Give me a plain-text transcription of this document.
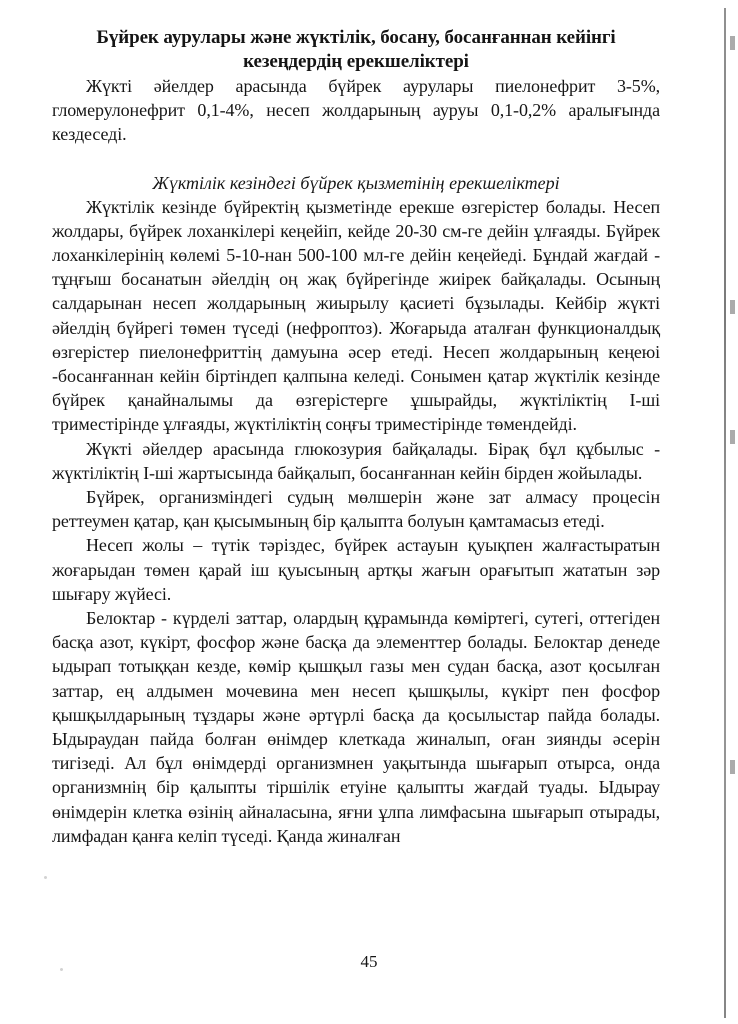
Бүйрек аурулары және жүктілік, босану, босанғаннан кейінгі
кезеңдердің ерекшеліктері

Жүкті әйелдер арасында бүйрек аурулары пиелонефрит 3-5%, гломерулонефрит 0,1-4%, несеп жолдарының ауруы 0,1-0,2% аралығында кездеседі.

Жүктілік кезіндегі бүйрек қызметінің ерекшеліктері

Жүктілік кезінде бүйректің қызметінде ерекше өзгерістер болады. Несеп жолдары, бүйрек лоханкілері кеңейіп, кейде 20-30 см-ге дейін ұлғаяды. Бүйрек лоханкілерінің көлемі 5-10-нан 500-100 мл-ге дейін кеңейеді. Бұндай жағдай - тұңғыш босанатын әйелдің оң жақ бүйрегінде жиірек байқалады. Осының салдарынан несеп жолдарының жиырылу қасиеті бұзылады. Кейбір жүкті әйелдің бүйрегі төмен түседі (нефроптоз). Жоғарыда аталған функционалдық өзгерістер пиелонефриттің дамуына әсер етеді. Несеп жолдарының кеңеюі -босанғаннан кейін біртіндеп қалпына келеді. Сонымен қатар жүктілік кезінде бүйрек қанайналымы да өзгерістерге ұшырайды, жүктіліктің І-ші триместірінде ұлғаяды, жүктіліктің соңғы триместірінде төмендейді.

Жүкті әйелдер арасында глюкозурия байқалады. Бірақ бұл құбылыс - жүктіліктің І-ші жартысында байқалып, босанғаннан кейін бірден жойылады.

Бүйрек, организміндегі судың мөлшерін және зат алмасу процесін реттеумен қатар, қан қысымының бір қалыпта болуын қамтамасыз етеді.

Несеп жолы – түтік тәріздес, бүйрек астауын қуықпен жалғастыратын жоғарыдан төмен қарай іш қуысының артқы жағын орағытып жататын зәр шығару жүйесі.

Белоктар - күрделі заттар, олардың құрамында көміртегі, сутегі, оттегіден басқа азот, күкірт, фосфор және басқа да элементтер болады. Белоктар денеде ыдырап тотыққан кезде, көмір қышқыл газы мен судан басқа, азот қосылған заттар, ең алдымен мочевина мен несеп қышқылы, күкірт пен фосфор қышқылдарының тұздары және әртүрлі басқа да қосылыстар пайда болады. Ыдыраудан пайда болған өнімдер клеткада жиналып, оған зиянды әсерін тигізеді. Ал бұл өнімдерді организмнен уақытында шығарып отырса, онда организмнің бір қалыпты тіршілік етуіне қалыпты жағдай туады. Ыдырау өнімдерін клетка өзінің айналасына, яғни ұлпа лимфасына шығарып отырады, лимфадан қанға келіп түседі. Қанда жиналған

45
